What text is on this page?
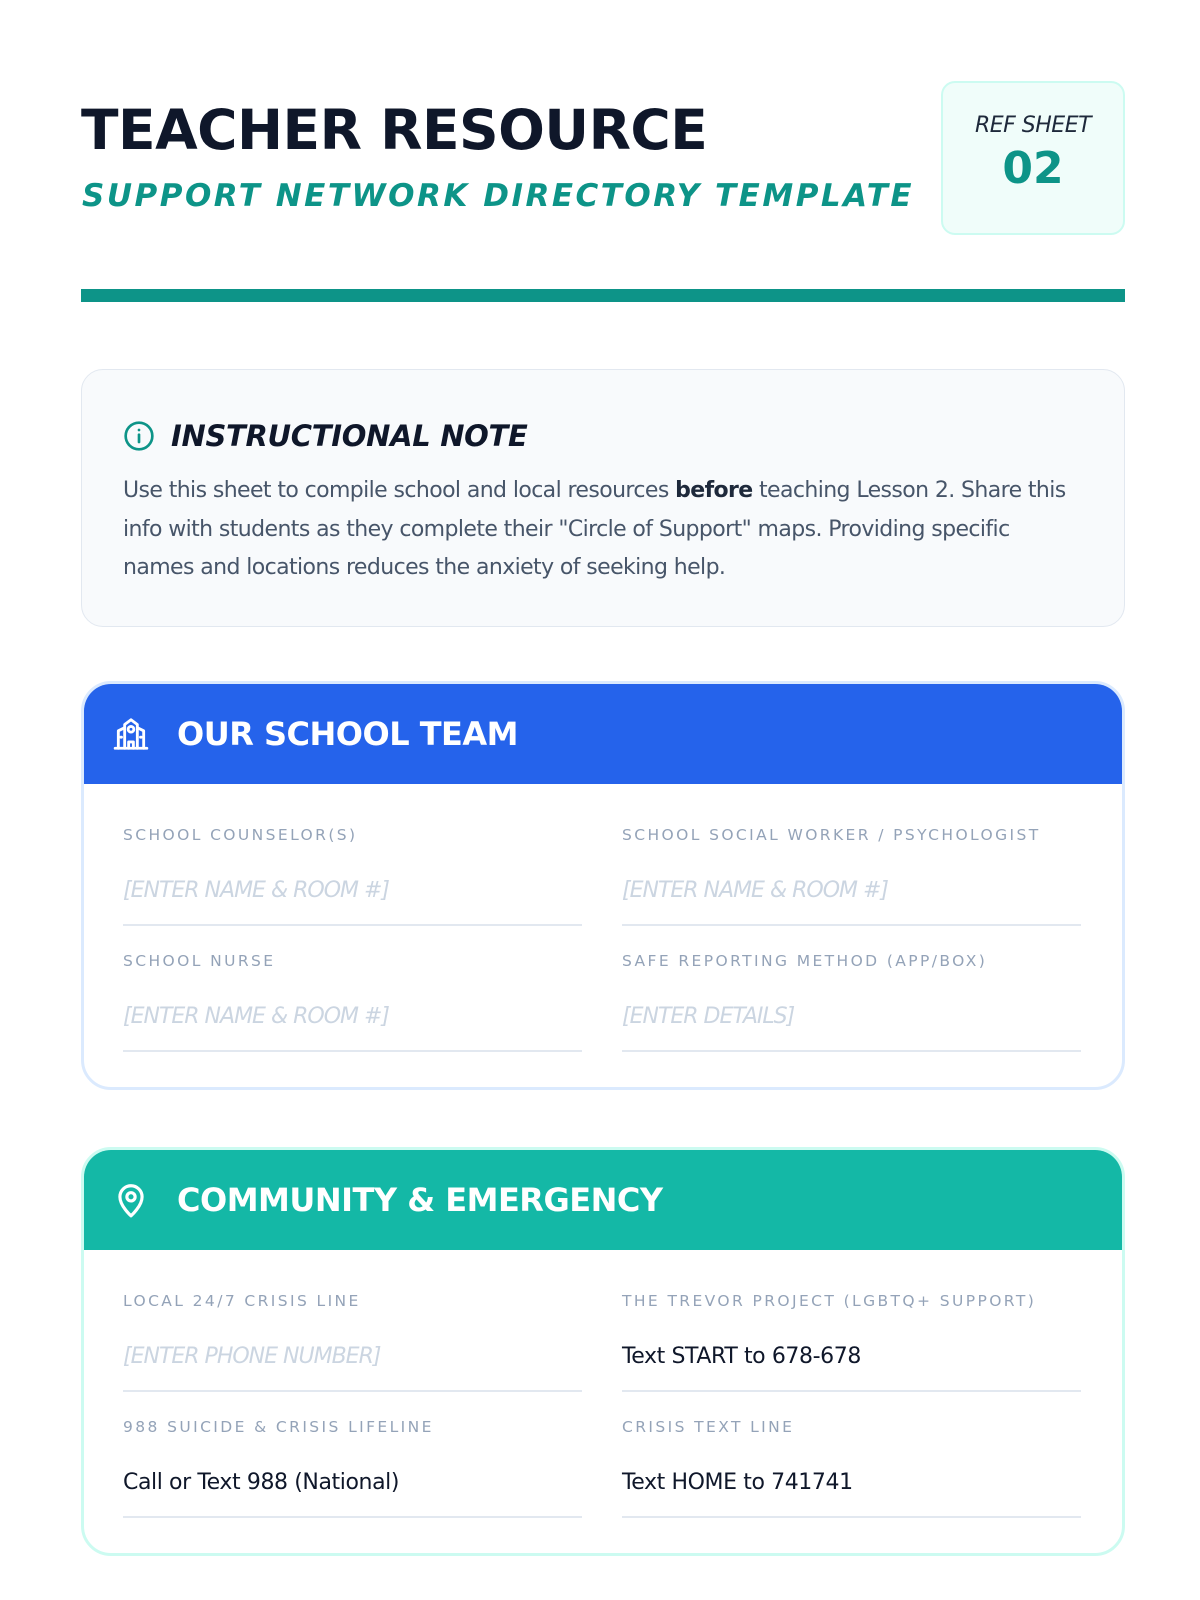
TEACHER RESOURCE
SUPPORT NETWORK DIRECTORY TEMPLATE
REF SHEET
02
INSTRUCTIONAL NOTE

Use this sheet to compile school and local resources before teaching Lesson 2. Share this info with students as they complete their "Circle of Support" maps. Providing specific names and locations reduces the anxiety of seeking help.

OUR SCHOOL TEAM
SCHOOL COUNSELOR(S)
[ENTER NAME & ROOM #]
SCHOOL SOCIAL WORKER / PSYCHOLOGIST
[ENTER NAME & ROOM #]
SCHOOL NURSE
[ENTER NAME & ROOM #]
SAFE REPORTING METHOD (APP/BOX)
[ENTER DETAILS]
COMMUNITY & EMERGENCY
LOCAL 24/7 CRISIS LINE
[ENTER PHONE NUMBER]
THE TREVOR PROJECT (LGBTQ+ SUPPORT)
Text START to 678-678
988 SUICIDE & CRISIS LIFELINE
Call or Text 988 (National)
CRISIS TEXT LINE
Text HOME to 741741
